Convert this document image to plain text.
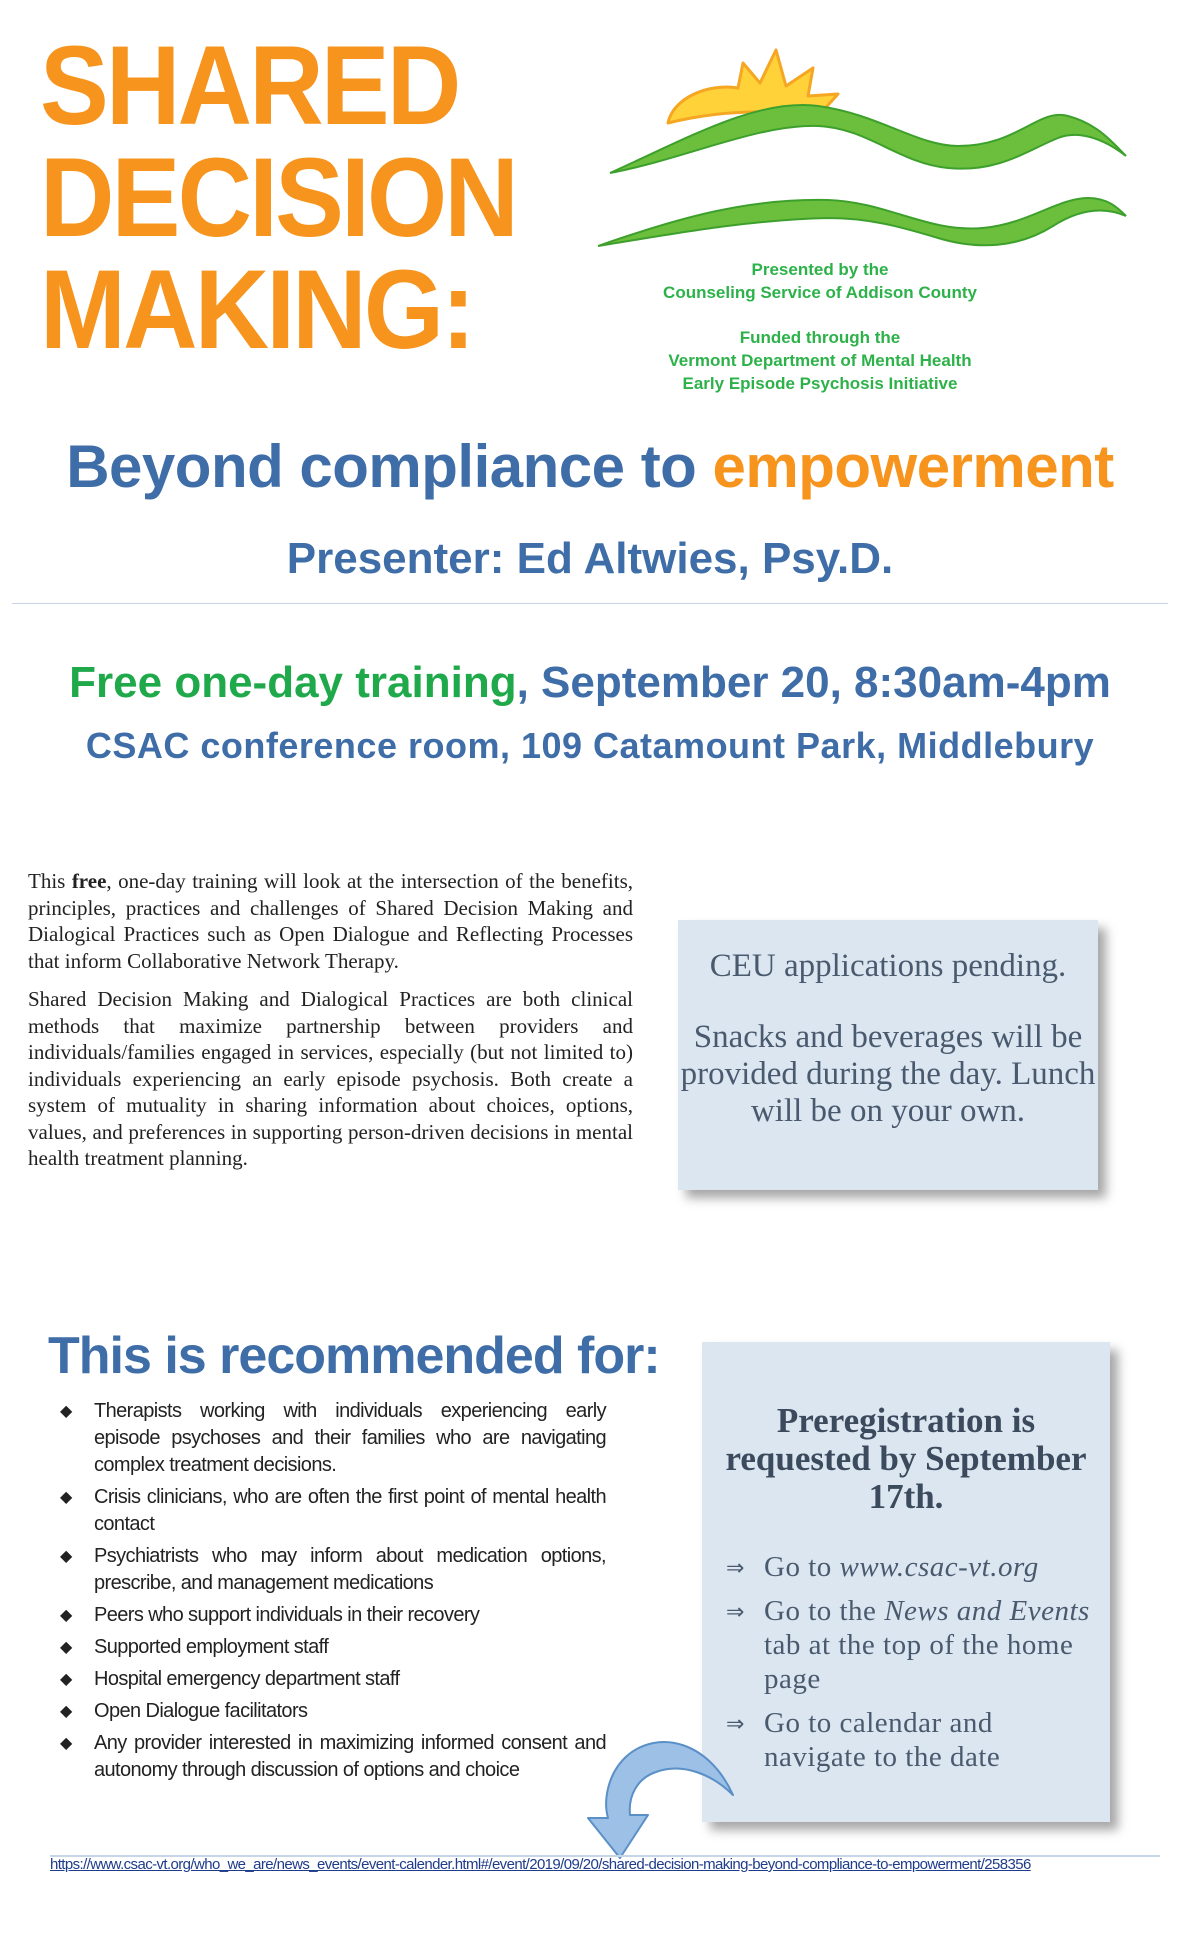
SHARED
DECISION
MAKING:	Presented by the
Counseling Service of Addison County
Funded through the
Vermont Department of Mental Health
Early Episode Psychosis Initiative
Beyond compliance to empowerment
Presenter: Ed Altwies, Psy.D.
Free one-day training, September 20, 8:30am-4pm
CSAC conference room, 109 Catamount Park, Middlebury

This free, one-day training will look at the intersection of the benefits, principles, practices and challenges of Shared Decision Making and Dialogical Practices such as Open Dialogue and Reflecting Processes that inform Collaborative Network Therapy.

Shared Decision Making and Dialogical Practices are both clinical methods that maximize partnership between providers and individuals/families engaged in services, especially (but not limited to) individuals experiencing an early episode psychosis. Both create a system of mutuality in sharing information about choices, options, values, and preferences in supporting person-driven decisions in mental health treatment planning.

CEU applications pending.
Snacks and beverages will be provided during the day. Lunch will be on your own.
This is recommended for:
◆ Therapists working with individuals experiencing early episode psychoses and their families who are navigating complex treatment decisions.
◆ Crisis clinicians, who are often the first point of mental health contact
◆ Psychiatrists who may inform about medication options, prescribe, and management medications
◆ Peers who support individuals in their recovery
◆ Supported employment staff
◆ Hospital emergency department staff
◆ Open Dialogue facilitators
◆ Any provider interested in maximizing informed consent and autonomy through discussion of options and choice
Preregistration is requested by September 17th.
⇒ Go to www.csac-vt.org
⇒ Go to the News and Events tab at the top of the home page
⇒ Go to calendar and navigate to the date
https://www.csac-vt.org/who_we_are/news_events/event-calender.html#/event/2019/09/20/shared-decision-making-beyond-compliance-to-empowerment/258356
